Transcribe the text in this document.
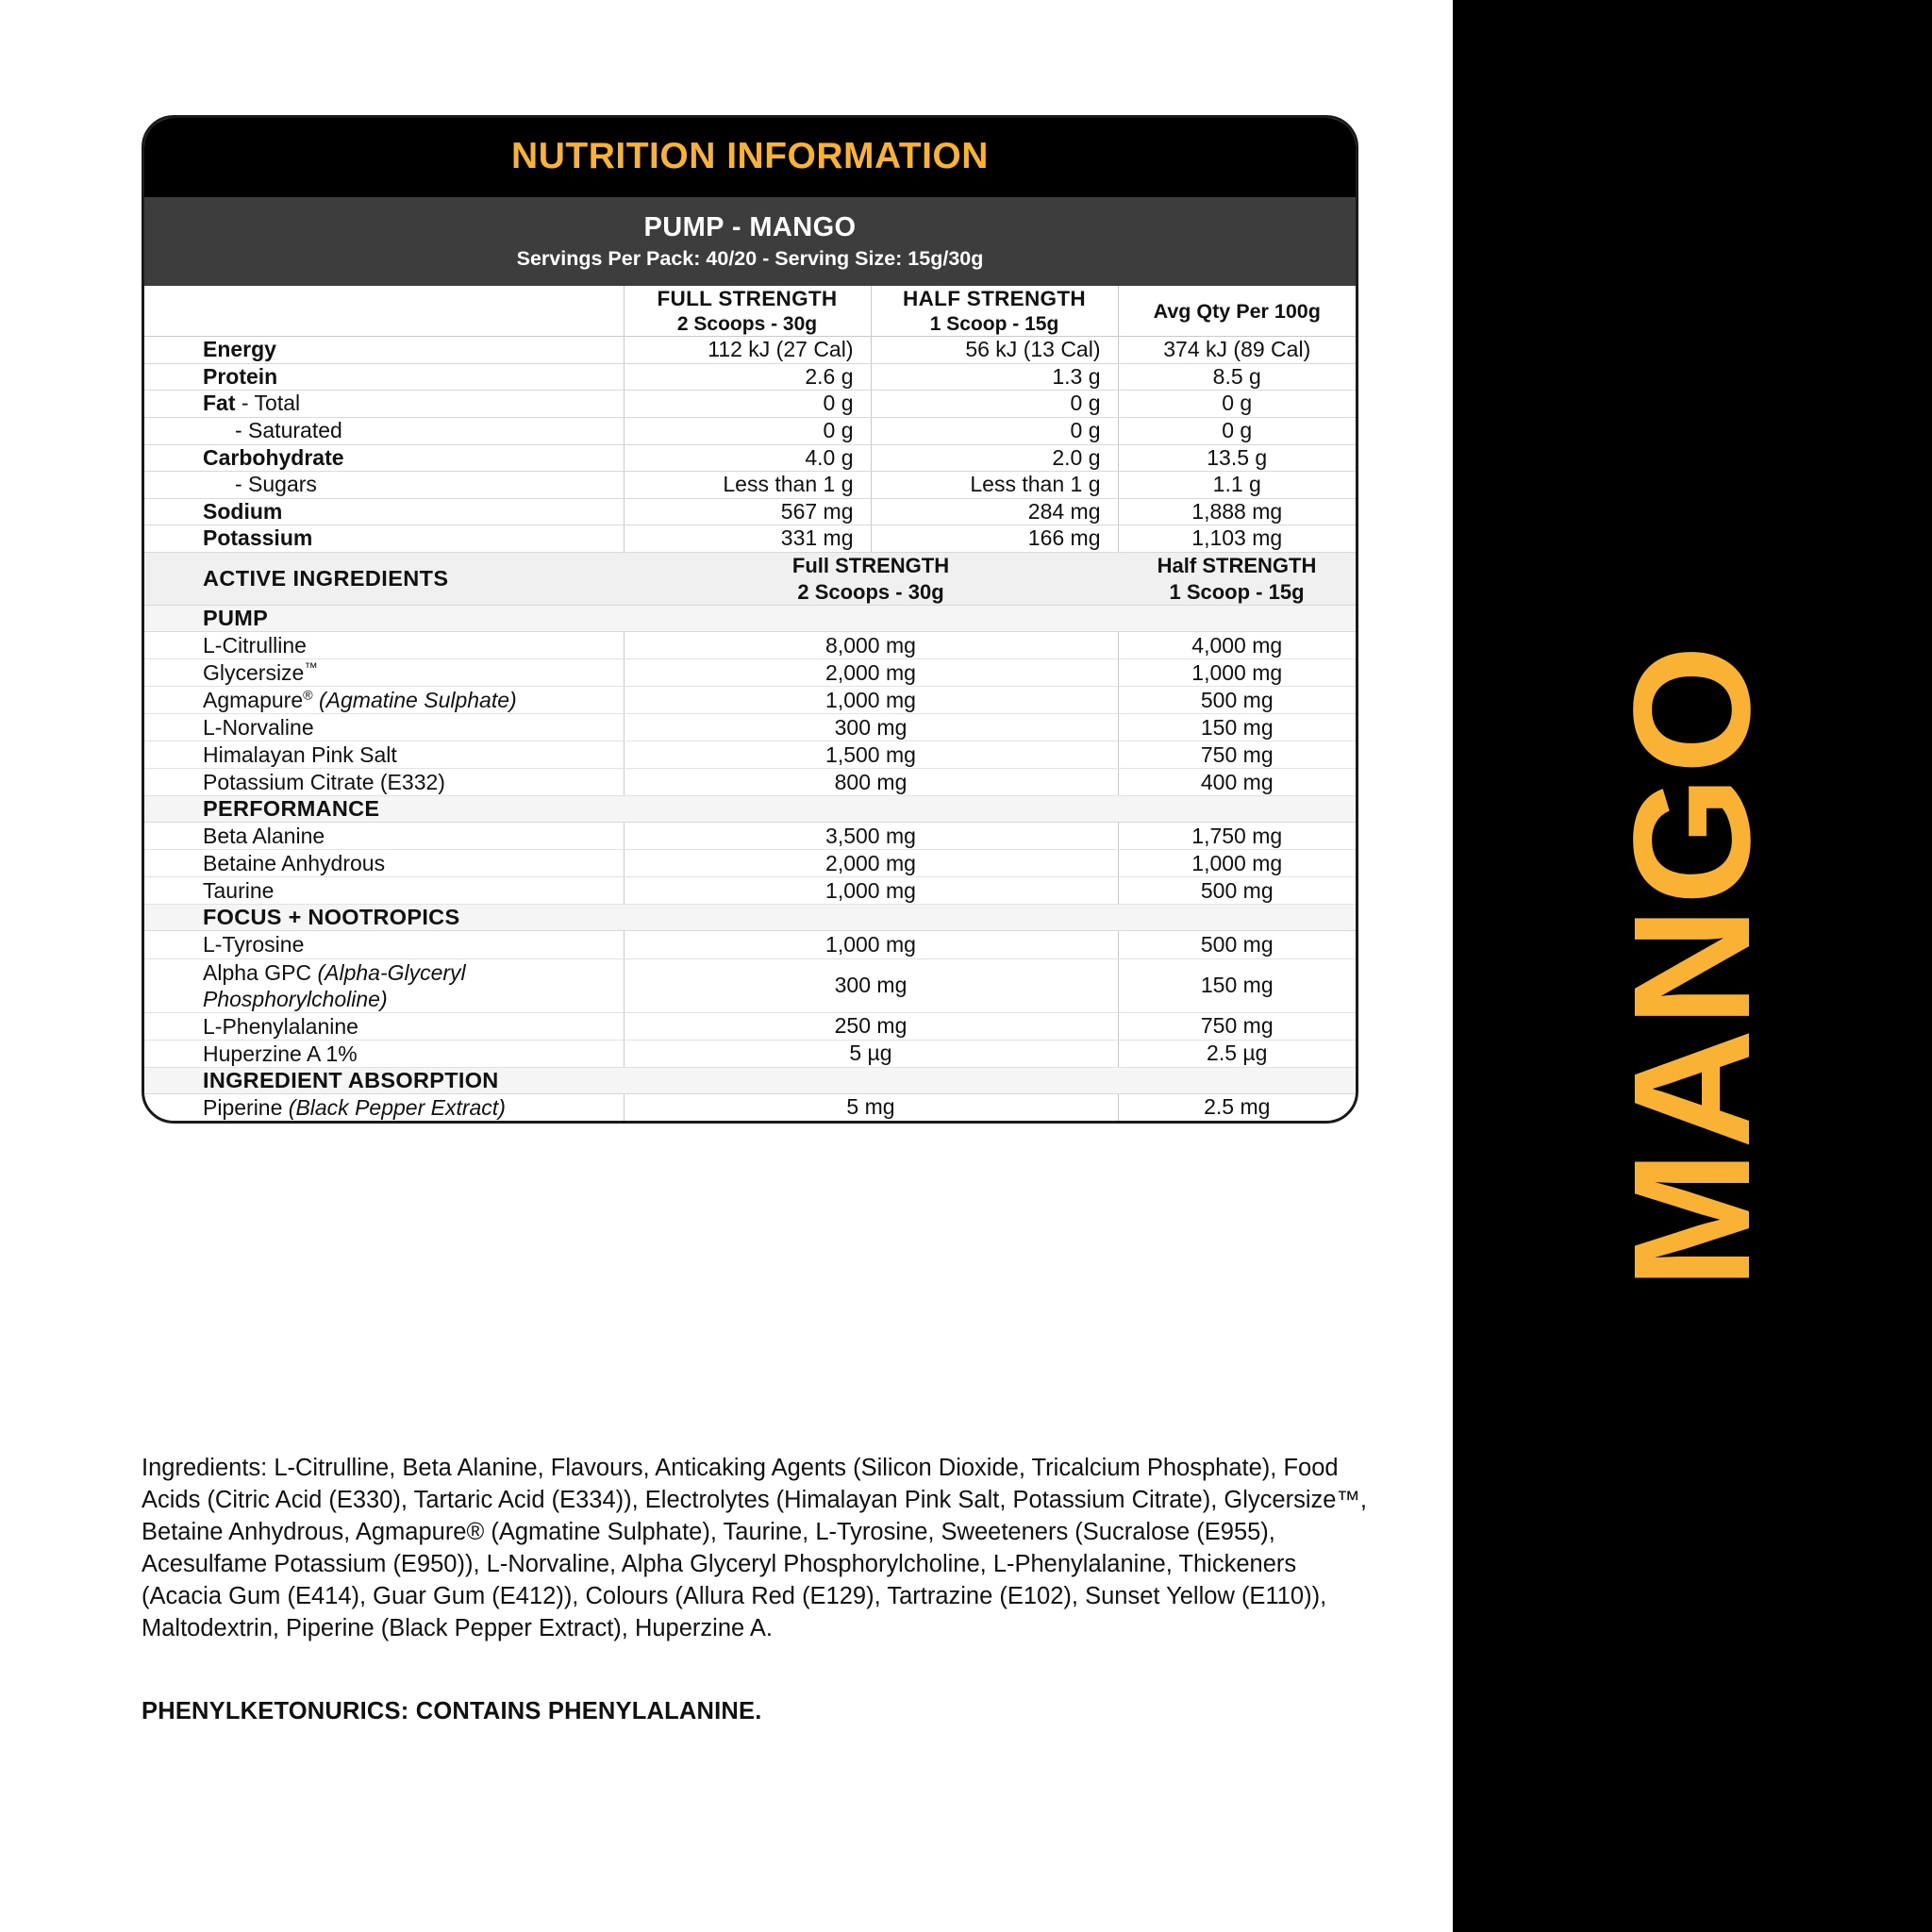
NUTRITION INFORMATION
PUMP - MANGO
Servings Per Pack: 40/20 - Serving Size: 15g/30g

FULL STRENGTH
2 Scoops - 30g

HALF STRENGTH
1 Scoop - 15g

Avg Qty Per 100g

Energy	112 kJ (27 Cal)	56 kJ (13 Cal)	374 kJ (89 Cal)
Protein	2.6 g	1.3 g	8.5 g
Fat - Total	0 g	0 g	0 g
- Saturated	0 g	0 g	0 g
Carbohydrate	4.0 g	2.0 g	13.5 g
- Sugars	Less than 1 g	Less than 1 g	1.1 g
Sodium	567 mg	284 mg	1,888 mg
Potassium	331 mg	166 mg	1,103 mg
ACTIVE INGREDIENTS	
Full STRENGTH
2 Scoops - 30g

Half STRENGTH
1 Scoop - 15g

PUMP			
L-Citrulline	8,000 mg		4,000 mg
Glycersize™	2,000 mg		1,000 mg
Agmapure® (Agmatine Sulphate)	1,000 mg		500 mg
L-Norvaline	300 mg		150 mg
Himalayan Pink Salt	1,500 mg		750 mg
Potassium Citrate (E332)	800 mg		400 mg
PERFORMANCE			
Beta Alanine	3,500 mg		1,750 mg
Betaine Anhydrous	2,000 mg		1,000 mg
Taurine	1,000 mg		500 mg
FOCUS + NOOTROPICS			
L-Tyrosine	1,000 mg		500 mg
Alpha GPC (Alpha-Glyceryl Phosphorylcholine)	300 mg		150 mg
L-Phenylalanine	250 mg		750 mg
Huperzine A 1%	5 µg		2.5 µg
INGREDIENT ABSORPTION			
Piperine (Black Pepper Extract)	5 mg		2.5 mg
Ingredients: L-Citrulline, Beta Alanine, Flavours, Anticaking Agents (Silicon Dioxide, Tricalcium Phosphate), Food Acids (Citric Acid (E330), Tartaric Acid (E334)), Electrolytes (Himalayan Pink Salt, Potassium Citrate), Glycersize™, Betaine Anhydrous, Agmapure® (Agmatine Sulphate), Taurine, L-Tyrosine, Sweeteners (Sucralose (E955), Acesulfame Potassium (E950)), L-Norvaline, Alpha Glyceryl Phosphorylcholine, L-Phenylalanine, Thickeners (Acacia Gum (E414), Guar Gum (E412)), Colours (Allura Red (E129), Tartrazine (E102), Sunset Yellow (E110)), Maltodextrin, Piperine (Black Pepper Extract), Huperzine A.
PHENYLKETONURICS: CONTAINS PHENYLALANINE.
MANGO
